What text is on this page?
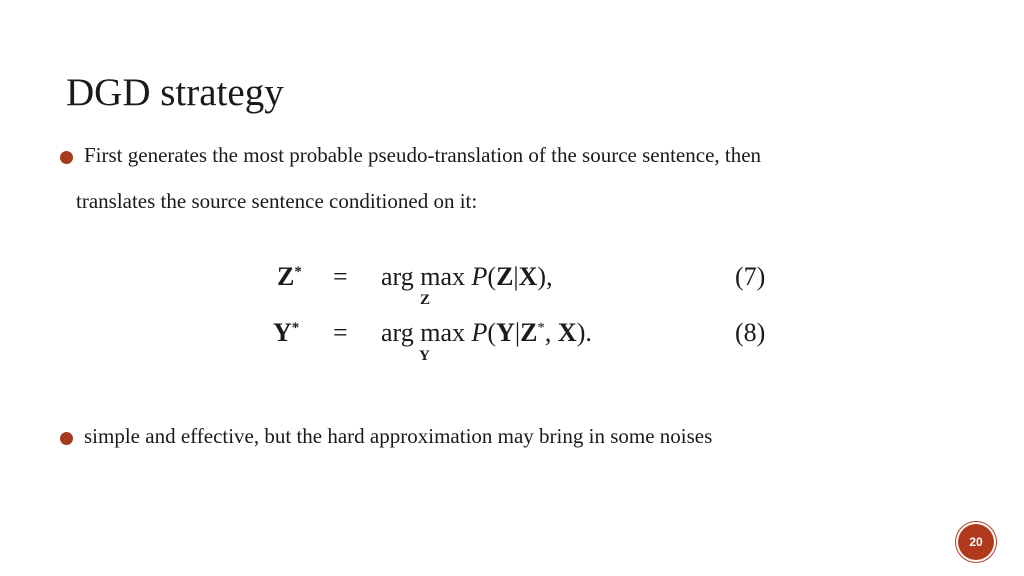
DGD strategy
First generates the most probable pseudo-translation of the source sentence, then
translates the source sentence conditioned on it:
Z* = arg max P(Z|X),
Z
(7)
Y* = arg max P(Y|Z*, X).
Y
(8)
simple and effective, but the hard approximation may bring in some noises
20
